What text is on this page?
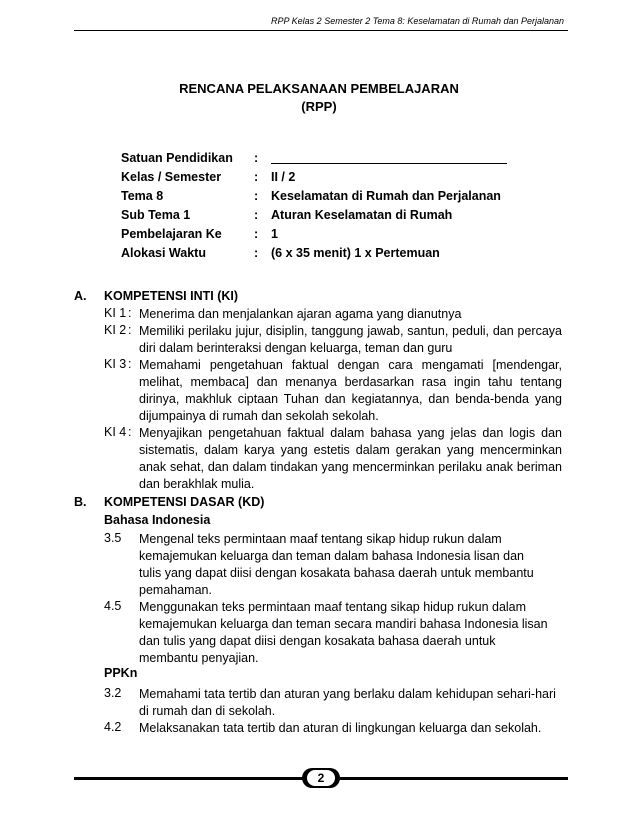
RPP Kelas 2 Semester 2 Tema 8: Keselamatan di Rumah dan Perjalanan
RENCANA PELAKSANAAN PEMBELAJARAN
(RPP)
Satuan Pendidikan	:
Kelas / Semester	: II / 2
Tema 8	: Keselamatan di Rumah dan Perjalanan
Sub Tema 1	: Aturan Keselamatan di Rumah
Pembelajaran Ke	: 1
Alokasi Waktu	: (6 x 35 menit) 1 x Pertemuan
A. KOMPETENSI INTI (KI)
KI 1 : Menerima dan menjalankan ajaran agama yang dianutnya
KI 2 : Memiliki perilaku jujur, disiplin, tanggung jawab, santun, peduli, dan percaya diri dalam berinteraksi dengan keluarga, teman dan guru
KI 3 : Memahami pengetahuan faktual dengan cara mengamati [mendengar, melihat, membaca] dan menanya berdasarkan rasa ingin tahu tentang dirinya, makhluk ciptaan Tuhan dan kegiatannya, dan benda-benda yang dijumpainya di rumah dan sekolah sekolah.
KI 4 : Menyajikan pengetahuan faktual dalam bahasa yang jelas dan logis dan sistematis, dalam karya yang estetis dalam gerakan yang mencerminkan anak sehat, dan dalam tindakan yang mencerminkan perilaku anak beriman dan berakhlak mulia.
B. KOMPETENSI DASAR (KD)
Bahasa Indonesia
3.5 Mengenal teks permintaan maaf tentang sikap hidup rukun dalam kemajemukan keluarga dan teman dalam bahasa Indonesia lisan dan tulis yang dapat diisi dengan kosakata bahasa daerah untuk membantu pemahaman.
4.5 Menggunakan teks permintaan maaf tentang sikap hidup rukun dalam kemajemukan keluarga dan teman secara mandiri bahasa Indonesia lisan dan tulis yang dapat diisi dengan kosakata bahasa daerah untuk membantu penyajian.
PPKn
3.2 Memahami tata tertib dan aturan yang berlaku dalam kehidupan sehari-hari di rumah dan di sekolah.
4.2 Melaksanakan tata tertib dan aturan di lingkungan keluarga dan sekolah.
2
